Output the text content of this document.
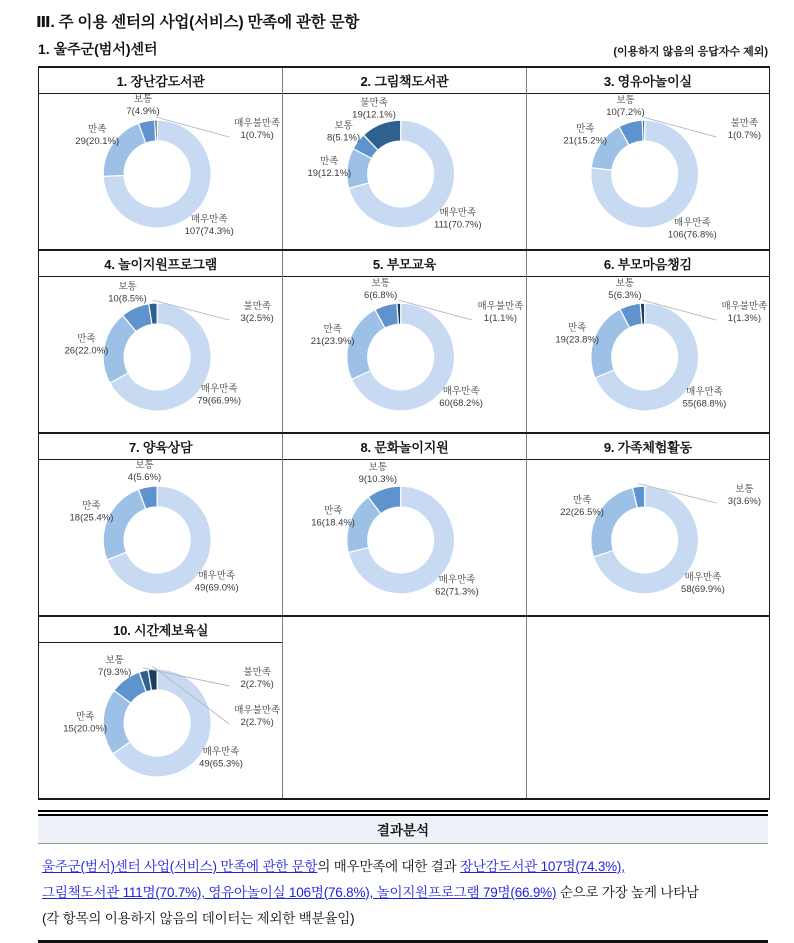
Ⅲ. 주 이용 센터의 사업(서비스) 만족에 관한 문항
1. 울주군(범서)센터	(이용하지 않음의 응답자수 제외)
1. 장난감도서관
매우만족
107(74.3%)
만족
29(20.1%)
보통
7(4.9%)
매우불만족
1(0.7%)
2. 그림책도서관
매우만족
111(70.7%)
만족
19(12.1%)
보통
8(5.1%)
불만족
19(12.1%)
3. 영유아놀이실
매우만족
106(76.8%)
만족
21(15.2%)
보통
10(7.2%)
불만족
1(0.7%)
4. 놀이지원프로그램
매우만족
79(66.9%)
만족
26(22.0%)
보통
10(8.5%)
불만족
3(2.5%)
5. 부모교육
매우만족
60(68.2%)
만족
21(23.9%)
보통
6(6.8%)
매우불만족
1(1.1%)
6. 부모마음챙김
매우만족
55(68.8%)
만족
19(23.8%)
보통
5(6.3%)
매우불만족
1(1.3%)
7. 양육상담
매우만족
49(69.0%)
만족
18(25.4%)
보통
4(5.6%)
8. 문화놀이지원
매우만족
62(71.3%)
만족
16(18.4%)
보통
9(10.3%)
9. 가족체험활동
매우만족
58(69.9%)
만족
22(26.5%)
보통
3(3.6%)
10. 시간제보육실
매우만족
49(65.3%)
만족
15(20.0%)
보통
7(9.3%)	불만족
2(2.7%)
매우불만족
2(2.7%)
결과분석
울주군(범서)센터 사업(서비스) 만족에 관한 문항의 매우만족에 대한 결과 장난감도서관 107명(74.3%),
그림책도서관 111명(70.7%), 영유아놀이실 106명(76.8%), 놀이지원프로그램 79명(66.9%) 순으로 가장 높게 나타남
(각 항목의 이용하지 않음의 데이터는 제외한 백분율임)
